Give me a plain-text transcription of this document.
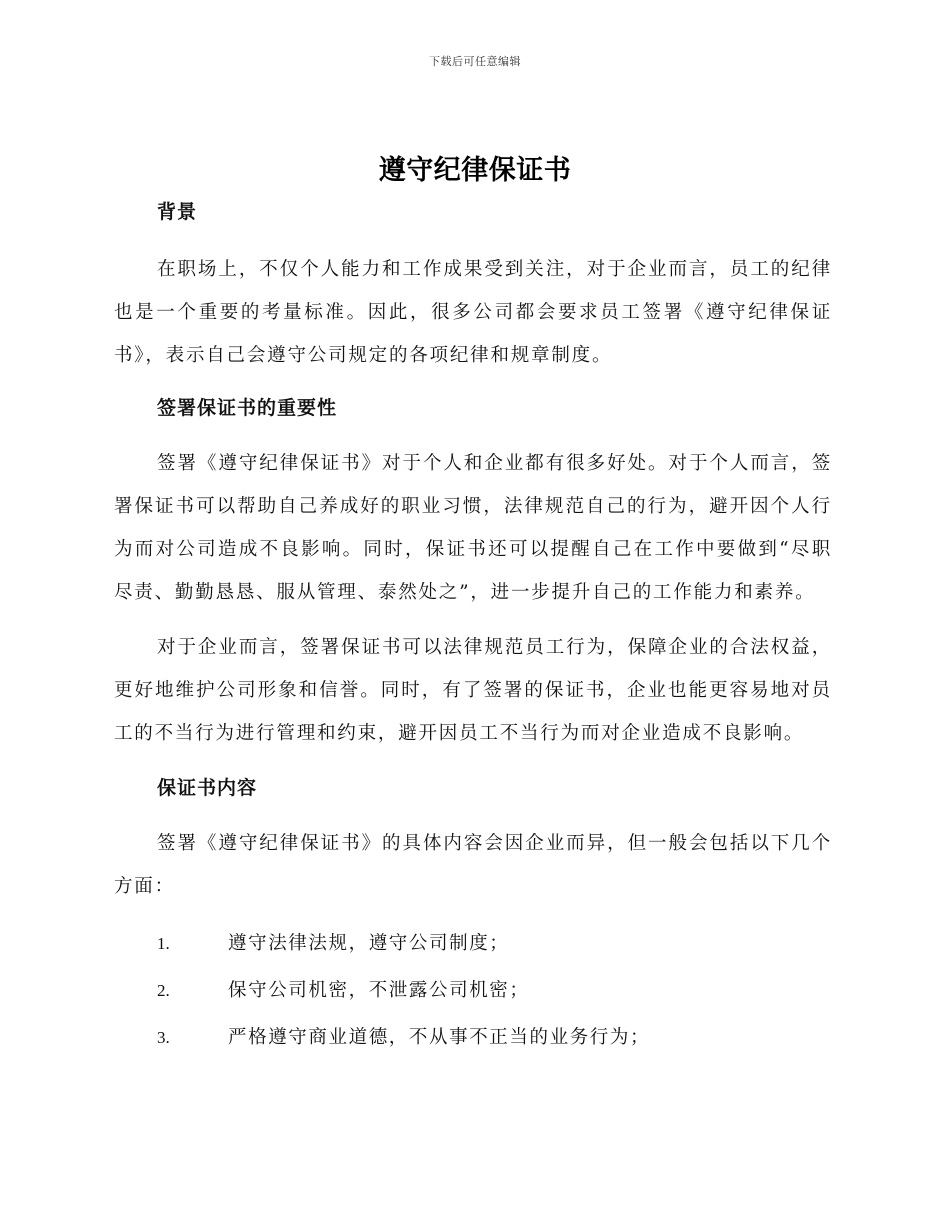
下载后可任意编辑
遵守纪律保证书
背景

在职场上，不仅个人能力和工作成果受到关注，对于企业而言，员工的纪律也是一个重要的考量标准。因此，很多公司都会要求员工签署《遵守纪律保证书》，表示自己会遵守公司规定的各项纪律和规章制度。

签署保证书的重要性

签署《遵守纪律保证书》对于个人和企业都有很多好处。对于个人而言，签署保证书可以帮助自己养成好的职业习惯，法律规范自己的行为，避开因个人行为而对公司造成不良影响。同时，保证书还可以提醒自己在工作中要做到“尽职尽责、勤勤恳恳、服从管理、泰然处之”，进一步提升自己的工作能力和素养。

对于企业而言，签署保证书可以法律规范员工行为，保障企业的合法权益，更好地维护公司形象和信誉。同时，有了签署的保证书，企业也能更容易地对员工的不当行为进行管理和约束，避开因员工不当行为而对企业造成不良影响。

保证书内容

签署《遵守纪律保证书》的具体内容会因企业而异，但一般会包括以下几个方面：

1.	遵守法律法规，遵守公司制度；
2.	保守公司机密，不泄露公司机密；
3.	严格遵守商业道德，不从事不正当的业务行为；
